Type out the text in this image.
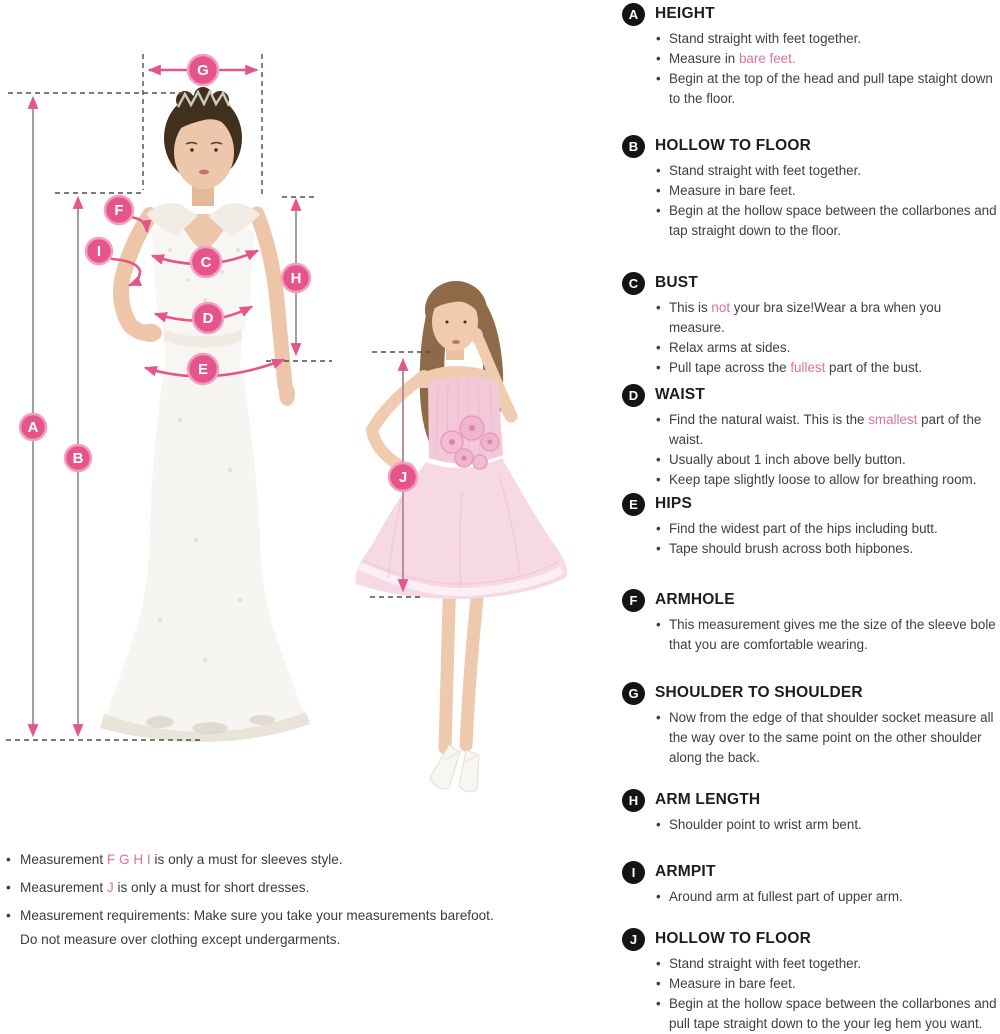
G
F
I
C
H
D
E
A
B
J
A	HEIGHT
• Stand straight with feet together.
• Measure in bare feet.
• Begin at the top of the head and pull tape staight down to the floor.
B	HOLLOW TO FLOOR
• Stand straight with feet together.
• Measure in bare feet.
• Begin at the hollow space between the collarbones and tap straight down to the floor.
C	BUST
• This is not your bra size!Wear a bra when you measure.
• Relax arms at sides.
• Pull tape across the fullest part of the bust.
D	WAIST
• Find the natural waist. This is the smallest part of the waist.
• Usually about 1 inch above belly button.
• Keep tape slightly loose to allow for breathing room.
E	HIPS
• Find the widest part of the hips including butt.
• Tape should brush across both hipbones.
F	ARMHOLE
• This measurement gives me the size of the sleeve bole that you are comfortable wearing.
G	SHOULDER TO SHOULDER
• Now from the edge of that shoulder socket measure all the way over to the same point on the other shoulder along the back.
H	ARM LENGTH
• Shoulder point to wrist arm bent.
I	ARMPIT
• Around arm at fullest part of upper arm.
J	HOLLOW TO FLOOR
• Stand straight with feet together.
• Measure in bare feet.
• Begin at the hollow space between the collarbones and pull tape straight down to the your leg hem you want.
• Measurement F G H I is only a must for sleeves style.
• Measurement J is only a must for short dresses.
• Measurement requirements: Make sure you take your measurements barefoot.
Do not measure over clothing except undergarments.
